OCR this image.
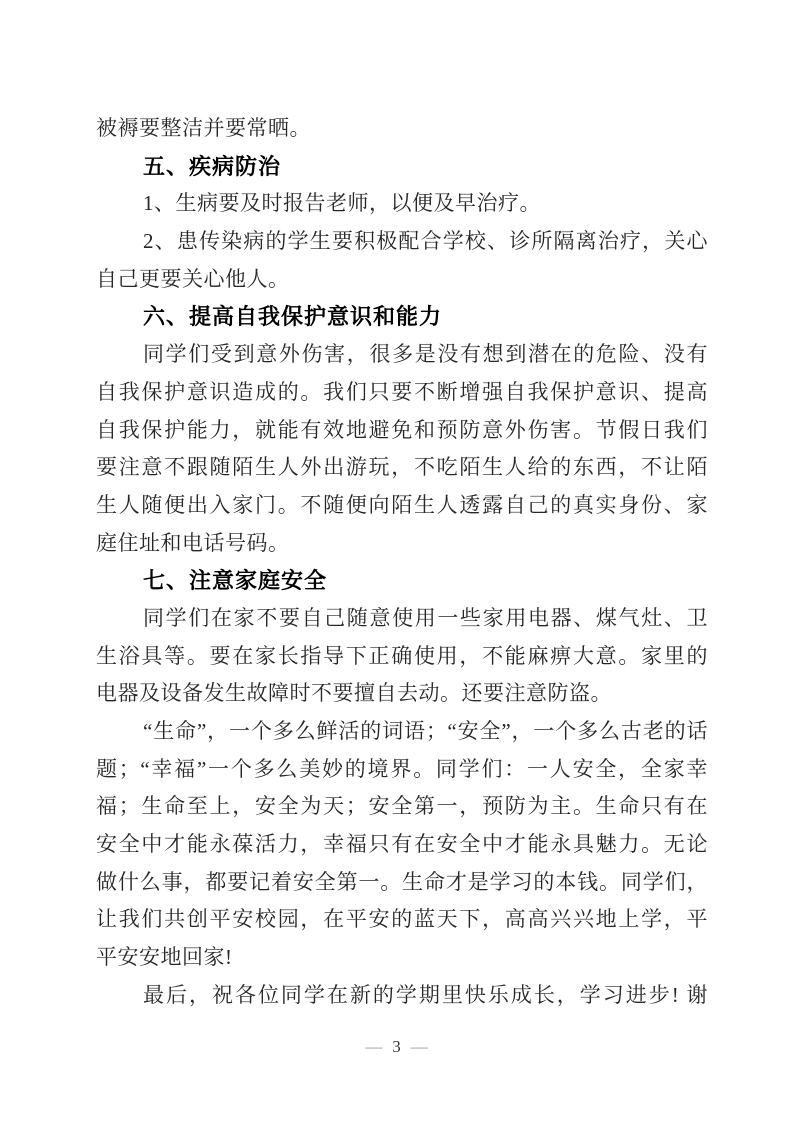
被褥要整洁并要常晒。
五、疾病防治
1、生病要及时报告老师，以便及早治疗。
2、患传染病的学生要积极配合学校、诊所隔离治疗，关心
自己更要关心他人。
六、提高自我保护意识和能力
同学们受到意外伤害，很多是没有想到潜在的危险、没有
自我保护意识造成的。我们只要不断增强自我保护意识、提高
自我保护能力，就能有效地避免和预防意外伤害。节假日我们
要注意不跟随陌生人外出游玩，不吃陌生人给的东西，不让陌
生人随便出入家门。不随便向陌生人透露自己的真实身份、家
庭住址和电话号码。
七、注意家庭安全
同学们在家不要自己随意使用一些家用电器、煤气灶、卫
生浴具等。要在家长指导下正确使用，不能麻痹大意。家里的
电器及设备发生故障时不要擅自去动。还要注意防盗。
“生命”，一个多么鲜活的词语；“安全”，一个多么古老的话
题；“幸福”一个多么美妙的境界。同学们：一人安全，全家幸
福；生命至上，安全为天；安全第一，预防为主。生命只有在
安全中才能永葆活力，幸福只有在安全中才能永具魅力。无论
做什么事，都要记着安全第一。生命才是学习的本钱。同学们，
让我们共创平安校园，在平安的蓝天下，高高兴兴地上学，平
平安安地回家!
最后，祝各位同学在新的学期里快乐成长，学习进步! 谢
— 3 —
